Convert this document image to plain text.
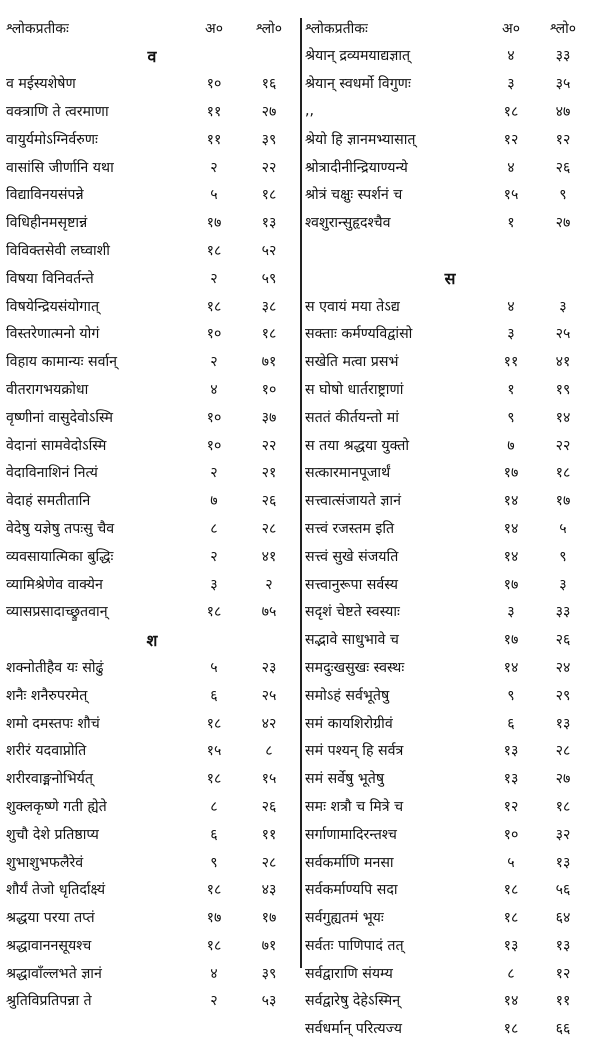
श्लोकप्रतीकः	अ०	श्लो०
व
व मईस्यशेषेण	१०	१६
वक्त्राणि ते त्वरमाणा	११	२७
वायुर्यमोऽग्निर्वरुणः	११	३९
वासांसि जीर्णानि यथा	२	२२
विद्याविनयसंपन्ने	५	१८
विधिहीनमसृष्टान्नं	१७	१३
विविक्तसेवी लघ्वाशी	१८	५२
विषया विनिवर्तन्ते	२	५९
विषयेन्द्रियसंयोगात्	१८	३८
विस्तरेणात्मनो योगं	१०	१८
विहाय कामान्यः सर्वान्	२	७१
वीतरागभयक्रोधा	४	१०
वृष्णीनां वासुदेवोऽस्मि	१०	३७
वेदानां सामवेदोऽस्मि	१०	२२
वेदाविनाशिनं नित्यं	२	२१
वेदाहं समतीतानि	७	२६
वेदेषु यज्ञेषु तपःसु चैव	८	२८
व्यवसायात्मिका बुद्धिः	२	४१
व्यामिश्रेणेव वाक्येन	३	२
व्यासप्रसादाच्छ्रुतवान्	१८	७५
श
शक्नोतीहैव यः सोढुं	५	२३
शनैः शनैरुपरमेत्	६	२५
शमो दमस्तपः शौचं	१८	४२
शरीरं यदवाप्नोति	१५	८
शरीरवाङ्मनोभिर्यत्	१८	१५
शुक्लकृष्णे गती ह्येते	८	२६
शुचौ देशे प्रतिष्ठाप्य	६	११
शुभाशुभफलैरेवं	९	२८
शौर्यं तेजो धृतिर्दाक्ष्यं	१८	४३
श्रद्धया परया तप्तं	१७	१७
श्रद्धावाननसूयश्च	१८	७१
श्रद्धावाँल्लभते ज्ञानं	४	३९
श्रुतिविप्रतिपन्ना ते	२	५३
श्लोकप्रतीकः	अ०	श्लो०
श्रेयान् द्रव्यमयाद्यज्ञात्	४	३३
श्रेयान् स्वधर्मो विगुणः	३	३५
,,	१८	४७
श्रेयो हि ज्ञानमभ्यासात्	१२	१२
श्रोत्रादीनीन्द्रियाण्यन्ये	४	२६
श्रोत्रं चक्षुः स्पर्शनं च	१५	९
श्वशुरान्सुहृदश्चैव	१	२७
स
स एवायं मया तेऽद्य	४	३
सक्ताः कर्मण्यविद्वांसो	३	२५
सखेति मत्वा प्रसभं	११	४१
स घोषो धार्तराष्ट्राणां	१	१९
सततं कीर्तयन्तो मां	९	१४
स तया श्रद्धया युक्तो	७	२२
सत्कारमानपूजार्थं	१७	१८
सत्त्वात्संजायते ज्ञानं	१४	१७
सत्त्वं रजस्तम इति	१४	५
सत्त्वं सुखे संजयति	१४	९
सत्त्वानुरूपा सर्वस्य	१७	३
सदृशं चेष्टते स्वस्याः	३	३३
सद्भावे साधुभावे च	१७	२६
समदुःखसुखः स्वस्थः	१४	२४
समोऽहं सर्वभूतेषु	९	२९
समं कायशिरोग्रीवं	६	१३
समं पश्यन् हि सर्वत्र	१३	२८
समं सर्वेषु भूतेषु	१३	२७
समः शत्रौ च मित्रे च	१२	१८
सर्गाणामादिरन्तश्च	१०	३२
सर्वकर्माणि मनसा	५	१३
सर्वकर्माण्यपि सदा	१८	५६
सर्वगुह्यतमं भूयः	१८	६४
सर्वतः पाणिपादं तत्	१३	१३
सर्वद्वाराणि संयम्य	८	१२
सर्वद्वारेषु देहेऽस्मिन्	१४	११
सर्वधर्मान् परित्यज्य	१८	६६
